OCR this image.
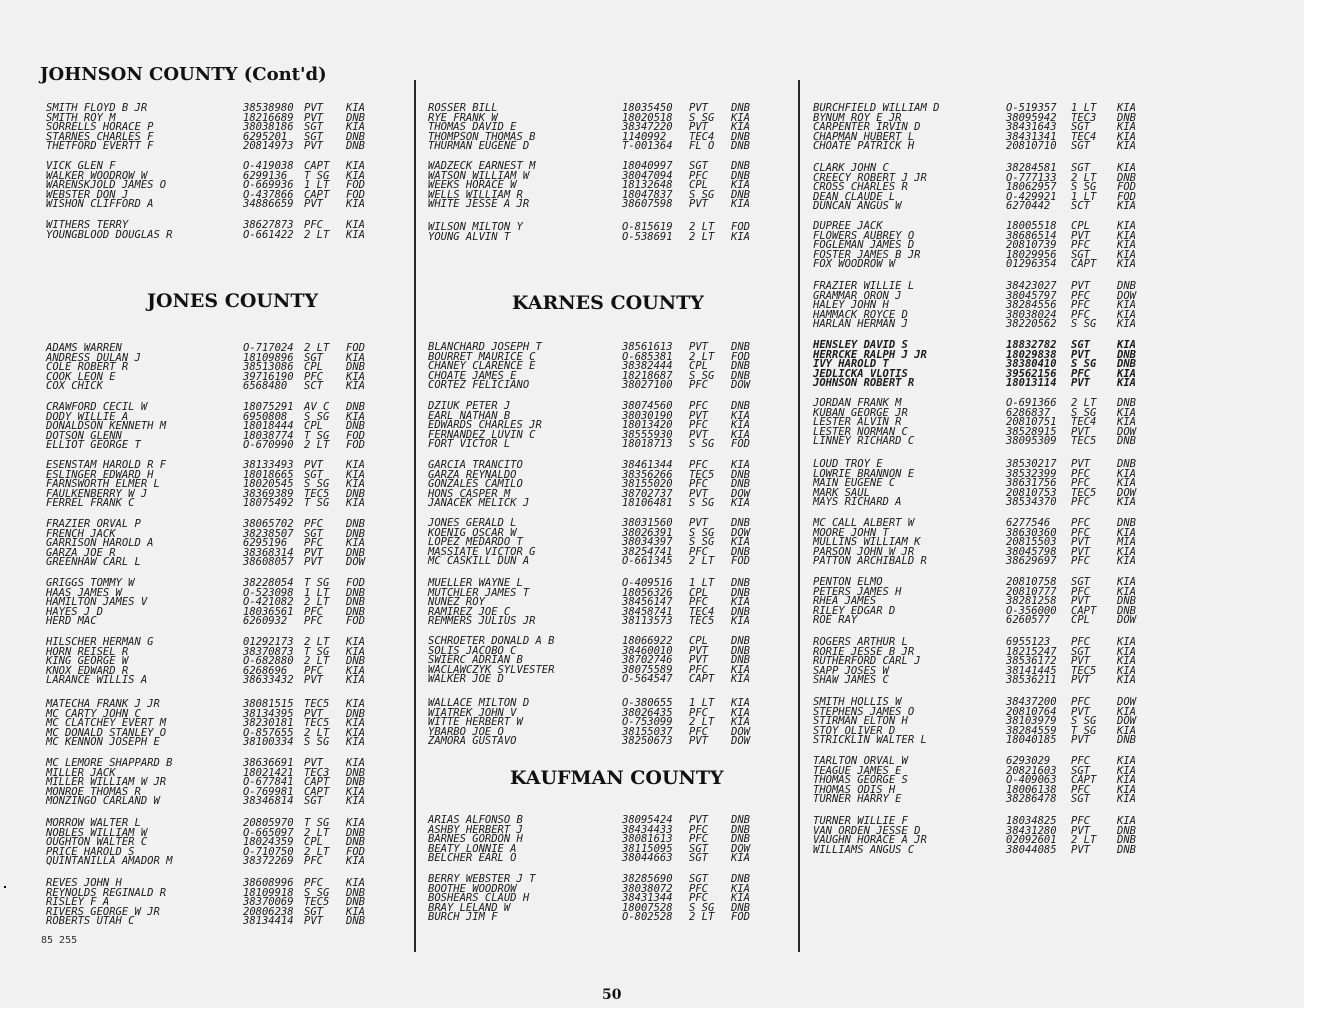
JOHNSON COUNTY (Cont'd)
JONES COUNTY	KARNES COUNTY
KAUFMAN COUNTY
SMITH FLOYD B JR	38538980 PVT KIA
SMITH ROY M	18216689 PVT DNB
SORRELLS HORACE P	38038186 SGT KIA
STARNES CHARLES F	6295201 SGT DNB
THETFORD EVERTT F	20814973 PVT DNB
VICK GLEN F	O-419038 CAPT KIA
WALKER WOODROW W	6299136 T SG KIA
WARENSKJOLD JAMES O	O-669936 1 LT FOD
WEBSTER DON J	O-437866 CAPT FOD
WISHON CLIFFORD A	34886659 PVT KIA
WITHERS TERRY	38627873 PFC KIA
YOUNGBLOOD DOUGLAS R	O-661422 2 LT KIA
ADAMS WARREN	O-717024 2 LT FOD
ANDRESS DULAN J	18109896 SGT KIA
COLE ROBERT R	38513086 CPL DNB
COOK LEON E	39716190 PFC KIA
COX CHICK	6568480 SCT KIA
CRAWFORD CECIL W	18075291 AV C DNB
DODY WILLIE A	6950808 S SG KIA
DONALDSON KENNETH M	18018444 CPL DNB
DOTSON GLENN	18038774 T SG FOD
ELLIOT GEORGE T	O-670990 2 LT FOD
ESENSTAM HAROLD R F	38133493 PVT KIA
ESLINGER EDWARD H	18018665 SGT KIA
FARNSWORTH ELMER L	18020545 S SG KIA
FAULKENBERRY W J	38369389 TEC5 DNB
FERREL FRANK C	18075492 T SG KIA
FRAZIER ORVAL P	38065702 PFC DNB
FRENCH JACK	38238507 SGT DNB
GARRISON HAROLD A	6295196 PFC KIA
GARZA JOE R	38368314 PVT DNB
GREENHAW CARL L	38608057 PVT DOW
GRIGGS TOMMY W	38228054 T SG FOD
HAAS JAMES W	O-523098 1 LT DNB
HAMILTON JAMES V	O-421082 2 LT DNB
HAYES J D	18036561 PFC DNB
HERD MAC	6260932 PFC FOD
HILSCHER HERMAN G	01292173 2 LT KIA
HORN REISEL R	38370873 T SG KIA
KING GEORGE W	O-682880 2 LT DNB
KNOX EDWARD R	6268696 PFC KIA
LARANCE WILLIS A	38633432 PVT KIA
MATECHA FRANK J JR	38081515 TEC5 KIA
MC CARTY JOHN C	38134395 PVT DNB
MC CLATCHEY EVERT M	38230181 TEC5 KIA
MC DONALD STANLEY O	O-857655 2 LT KIA
MC KENNON JOSEPH E	38100334 S SG KIA
MC LEMORE SHAPPARD B	38636691 PVT KIA
MILLER JACK	18021421 TEC3 DNB
MILLER WILLIAM W JR	O-677841 CAPT DNB
MONROE THOMAS R	O-769981 CAPT KIA
MONZINGO CARLAND W	38346814 SGT KIA
MORROW WALTER L	20805970 T SG KIA
NOBLES WILLIAM W	O-665097 2 LT DNB
OUGHTON WALTER C	18024359 CPL DNB
PRICE HAROLD S	O-710750 2 LT FOD
QUINTANILLA AMADOR M	38372269 PFC KIA
REVES JOHN H	38608996 PFC KIA
REYNOLDS REGINALD R	18109918 S SG DNB
RISLEY F A	38370069 TEC5 DNB
RIVERS GEORGE W JR	20806238 SGT KIA
ROBERTS UTAH C	38134414 PVT DNB
ROSSER BILL	18035450 PVT DNB
RYE FRANK W	18020518 S SG KIA
THOMAS DAVID E	38347220 PVT KIA
THOMPSON THOMAS B	1140992 TEC4 DNB
THURMAN EUGENE D	T-001364 FL O DNB
WADZECK EARNEST M	18040997 SGT DNB
WATSON WILLIAM W	38047094 PFC DNB
WEEKS HORACE W	18132648 CPL KIA
WELLS WILLIAM R	18047837 S SG DNB
WHITE JESSE A JR	38607598 PVT KIA
WILSON MILTON Y	O-815619 2 LT FOD
YOUNG ALVIN T	O-538691 2 LT KIA
BLANCHARD JOSEPH T	38561613 PVT DNB
BOURRET MAURICE C	O-685381 2 LT FOD
CHANEY CLARENCE E	38382444 CPL DNB
CHOATE JAMES E	18218687 S SG DNB
CORTEZ FELICIANO	38027100 PFC DOW
DZIUK PETER J	38074560 PFC DNB
EARL NATHAN B	38030190 PVT KIA
EDWARDS CHARLES JR	18013420 PFC KIA
FERNANDEZ LUVIN C	38555930 PVT KIA
FORT VICTOR L	18018713 S SG FOD
GARCIA TRANCITO	38461344 PFC KIA
GARZA REYNALDO	38356266 TEC5 DNB
GONZALES CAMILO	38155020 PFC DNB
HONS CASPER M	38702737 PVT DOW
JANACEK MELICK J	18106481 S SG KIA
JONES GERALD L	38031560 PVT DNB
KOENIG OSCAR W	38026391 S SG DOW
LOPEZ MEDARDO T	38034397 S SG KIA
MASSIATE VICTOR G	38254741 PFC DNB
MC CASKILL DUN A	O-661345 2 LT FOD
MUELLER WAYNE L	O-409516 1 LT DNB
MUTCHLER JAMES T	18056326 CPL DNB
NUNEZ ROY	38456147 PFC KIA
RAMIREZ JOE C	38458741 TEC4 DNB
REMMERS JULIUS JR	38113573 TEC5 KIA
SCHROETER DONALD A B	18066922 CPL DNB
SOLIS JACOBO C	38460010 PVT DNB
SWIERC ADRIAN B	38702746 PVT DNB
WACLAWCZYK SYLVESTER	38075589 PFC KIA
WALKER JOE D	O-564547 CAPT KIA
WALLACE MILTON D	O-380655 1 LT KIA
WIATREK JOHN V	38026435 PFC KIA
WITTE HERBERT W	O-753099 2 LT KIA
YBARBO JOE O	38155037 PFC DOW
ZAMORA GUSTAVO	38250673 PVT DOW
ARIAS ALFONSO B	38095424 PVT DNB
ASHBY HERBERT J	38434433 PFC DNB
BARNES GORDON H	38081613 PFC DNB
BEATY LONNIE A	38115095 SGT DOW
BELCHER EARL O	38044663 SGT KIA
BERRY WEBSTER J T	38285690 SGT DNB
BOOTHE WOODROW	38038072 PFC KIA
BOSHEARS CLAUD H	38431344 PFC KIA
BRAY LELAND W	18007528 S SG DNB
BURCH JIM F	O-802528 2 LT FOD
BURCHFIELD WILLIAM D	O-519357 1 LT KIA
BYNUM ROY E JR	38095942 TEC3 DNB
CARPENTER IRVIN D	38431643 SGT	KIA
CHAPMAN HUBERT L	38431341 TEC4 KIA
CHOATE PATRICK H	20810710 SGT	KIA
CLARK JOHN C	38284581 SGT	KIA
CREECY ROBERT J JR	O-777133 2 LT DNB
CROSS CHARLES R	18062957 S SG FOD
DEAN CLAUDE L	O-429921 1 LT FOD
DUNCAN ANGUS W	6270442 SCT	KIA
DUPREE JACK	18005518 CPL	KIA
FLOWERS AUBREY O	38686514 PVT	KIA
FOGLEMAN JAMES D	20810739 PFC	KIA
FOSTER JAMES B JR	18029956 SGT	KIA
FOX WOODROW W	01296354 CAPT KIA
FRAZIER WILLIE L	38423027 PVT	DNB
GRAMMAR ORON J	38045797 PFC	DOW
HALEY JOHN H	38284556 PFC	KIA
HAMMACK ROYCE D	38038024 PFC	KIA
HARLAN HERMAN J	38220562 S SG KIA
HENSLEY DAVID S	18832782 SGT	KIA
HERRCKE RALPH J JR	18029838 PVT	DNB
IVY HAROLD T	38380410 S SG DNB
JEDLICKA VLOTIS	39562156 PFC	KIA
JOHNSON ROBERT R	18013114 PVT	KIA
JORDAN FRANK M	O-691366 2 LT DNB
KUBAN GEORGE JR	6286837 S SG KIA
LESTER ALVIN R	20810751 TEC4 KIA
LESTER NORMAN C	38528915 PVT	DOW
LINNEY RICHARD C	38095309 TEC5 DNB
LOUD TROY E	38530217 PVT	DNB
LOWRIE BRANNON E	38532399 PFC	KIA
MAIN EUGENE C	38631756 PFC	KIA
MARK SAUL	20810753 TEC5 DOW
MAYS RICHARD A	38534370 PFC	KIA
MC CALL ALBERT W	6277546 PFC	DNB
MOORE JOHN T	38630360 PFC	KIA
MULLINS WILLIAM K	20815503 PVT	MIA
PARSON JOHN W JR	38045798 PVT	KIA
PATTON ARCHIBALD R	38629697 PFC	KIA
PENTON ELMO	20810758 SGT	KIA
PETERS JAMES H	20810777 PFC	KIA
RHEA JAMES	38281258 PVT	DNB
RILEY EDGAR D	O-356000 CAPT DNB
ROE RAY	6260577 CPL	DOW
ROGERS ARTHUR L	6955123 PFC	KIA
RORIE JESSE B JR	18215247 SGT	KIA
RUTHERFORD CARL J	38536172 PVT	KIA
SAPP JOSES W	38141445 TEC5 KIA
SHAW JAMES C	38536211 PVT	KIA
SMITH HOLLIS W	38437200 PFC	DOW
STEPHENS JAMES O	20810764 PVT	KIA
STIRMAN ELTON H	38103979 S SG DOW
STOY OLIVER D	38284559 T SG KIA
STRICKLIN WALTER L	18040185 PVT	DNB
TARLTON ORVAL W	6293029 PFC	KIA
TEAGUE JAMES E	20821603 SGT	KIA
THOMAS GEORGE S	O-409063 CAPT KIA
THOMAS ODIS H	18006138 PFC	KIA
TURNER HARRY E	38286478 SGT	KIA
TURNER WILLIE F	18034825 PFC	KIA
VAN ORDEN JESSE D	38431280 PVT	DNB
VAUGHN HORACE A JR	02092601 2 LT DNB
WILLIAMS ANGUS C	38044085 PVT	DNB
85 255
50
